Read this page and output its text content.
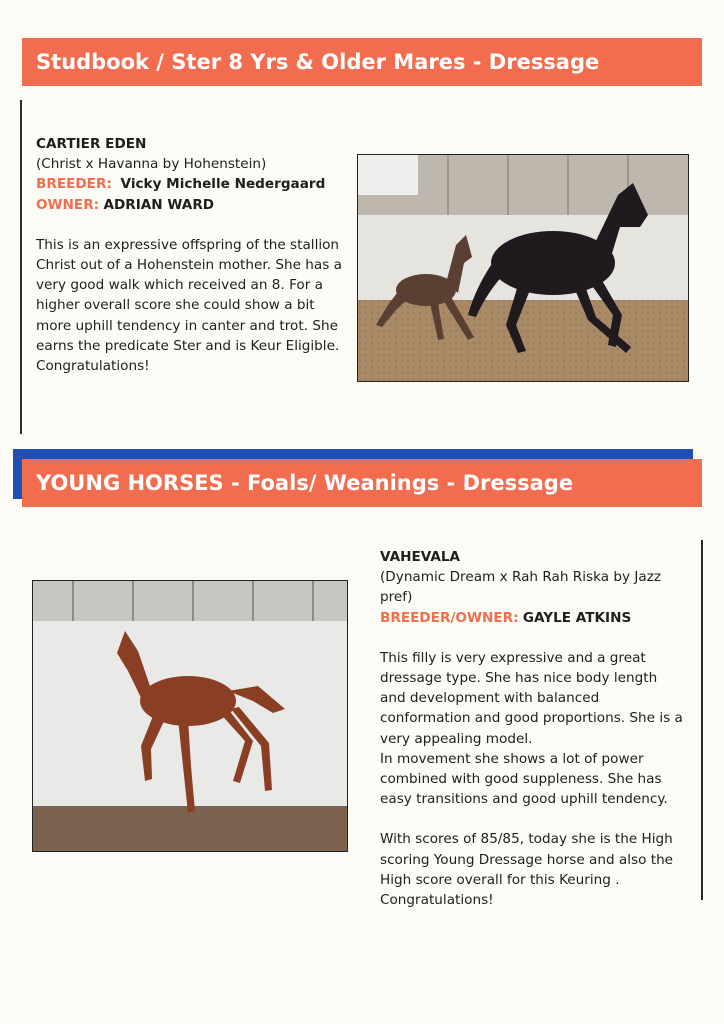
Studbook / Ster 8 Yrs & Older Mares - Dressage
CARTIER EDEN
(Christ x Havanna by Hohenstein)
BREEDER: Vicky Michelle Nedergaard
OWNER: ADRIAN WARD
This is an expressive offspring of the stallion Christ out of a Hohenstein mother. She has a very good walk which received an 8. For a higher overall score she could show a bit more uphill tendency in canter and trot. She earns the predicate Ster and is Keur Eligible. Congratulations!
YOUNG HORSES - Foals/ Weanings - Dressage
VAHEVALA
(Dynamic Dream x Rah Rah Riska by Jazz pref)
BREEDER/OWNER: GAYLE ATKINS
This filly is very expressive and a great dressage type. She has nice body length and development with balanced conformation and good proportions. She is a very appealing model.
In movement she shows a lot of power combined with good suppleness. She has easy transitions and good uphill tendency.
With scores of 85/85, today she is the High scoring Young Dressage horse and also the High score overall for this Keuring . Congratulations!
